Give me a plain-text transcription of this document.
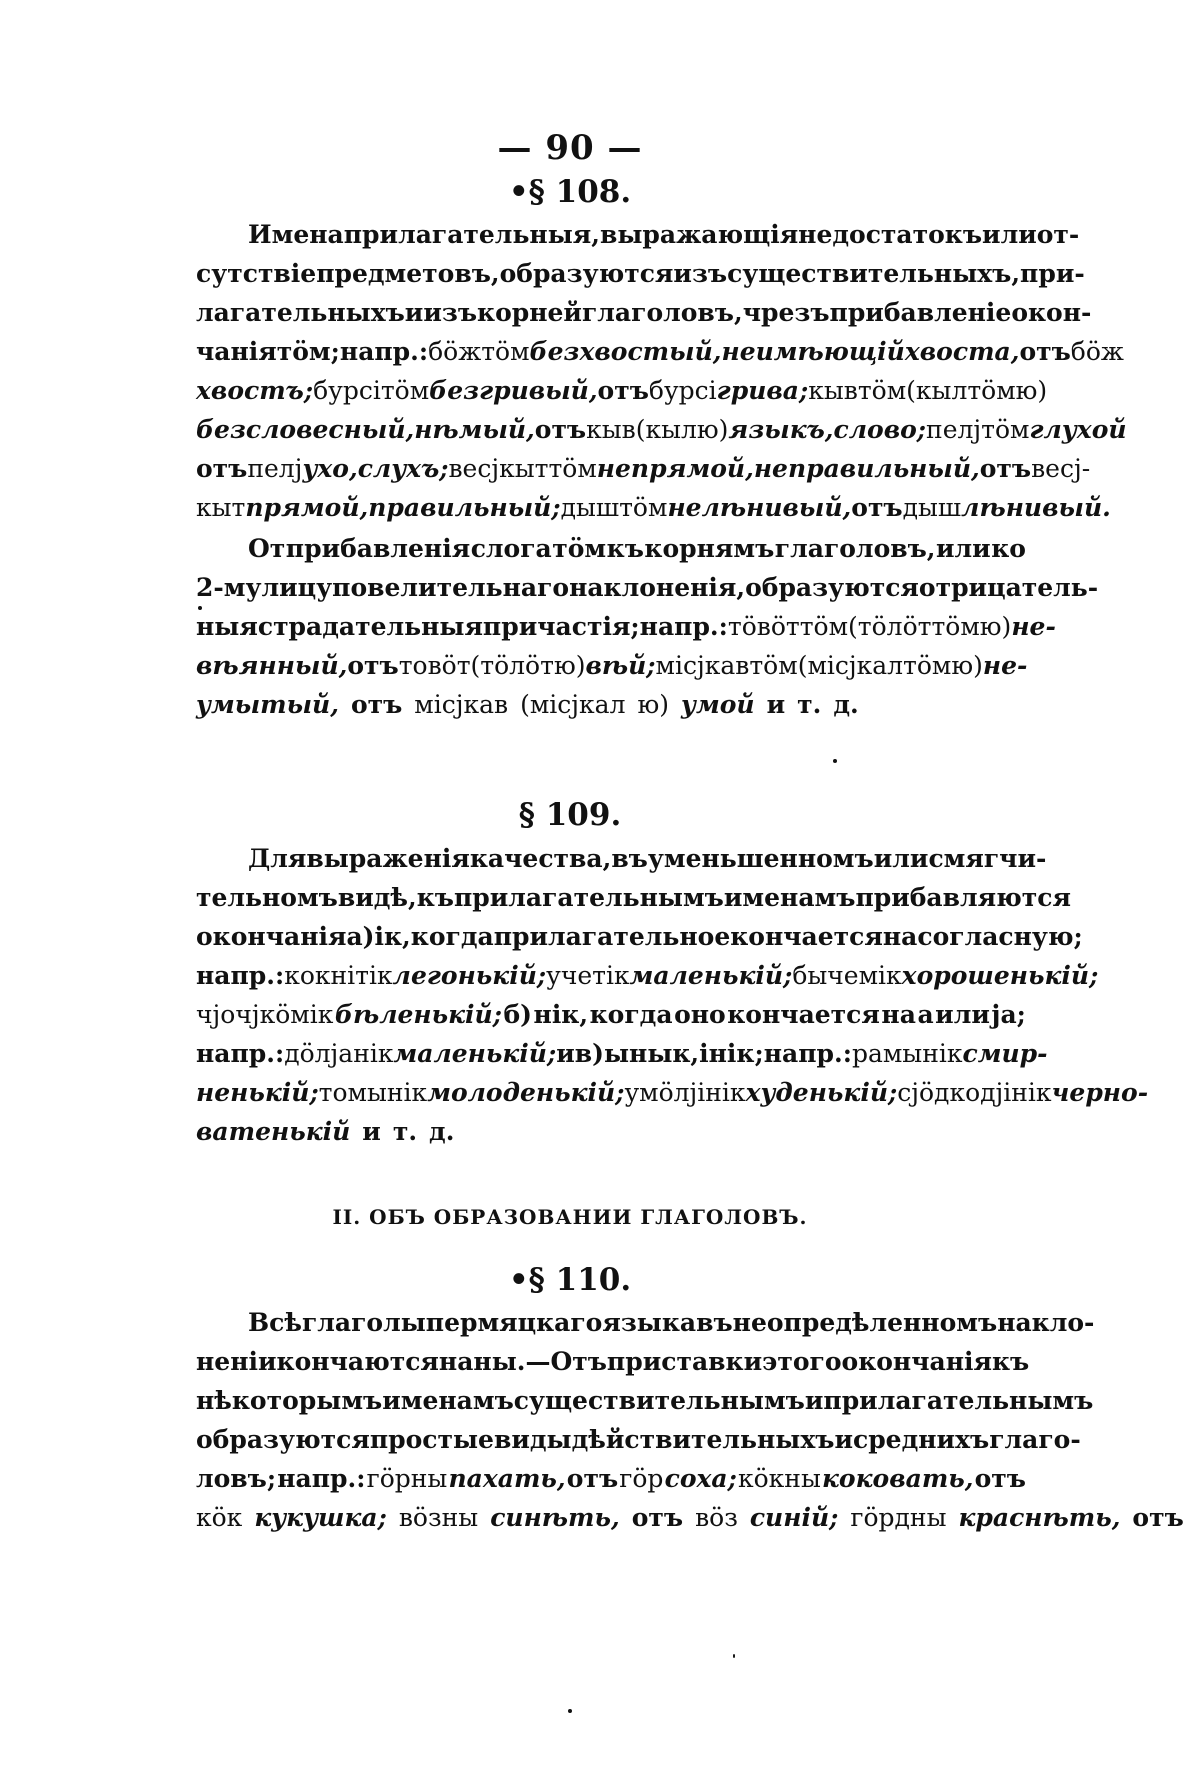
— 90 —
•§ 108.
Имена прилагательныя, выражающія недостатокъ или от-
сутствіе предметовъ, образуются изъ существительныхъ, при-
лагательныхъ и изъ корней глаголовъ, чрезъ прибавленіе окон-
чанія тöм; напр.: бöжтöм безхвостый, неимѣющій хвоста, отъ бöж
хвостъ; бурсітöм безгривый, отъ бурсі грива; кывтöм (кылтöм ю)
безсловесный, нѣмый, отъ кыв (кыл ю) языкъ, слово; пелјтöм глухой
отъ пелј ухо, слухъ; весјкыттöм непрямой, неправильный, отъ весј-
кыт прямой, правильный; дыштöм нелѣнивый, отъ дыш лѣнивый.
От прибавленія слога тöм къ корнямъ глаголовъ, или ко
2-му лицу повелительнаго наклоненія, образуются отрицатель-
ныя страдательныя причастія; напр.: тöвöттöм (тöлöттöм ю) не-
вѣянный, отъ товöт (тöлöт ю) вѣй; місјкавтöм (місјкалтöм ю) не-
умытый, отъ місјкав (місјкал ю) умой и т. д.
§ 109.
Для выраженія качества, въ уменьшенномъ или смягчи-
тельномъ видѣ, къ прилагательнымъ именамъ прибавляются
окончанія а) ік, когда прилагательное кончается на согласную;
напр.: кокнітік легонькій; учетік маленькій; бычемік хорошенькій;
чјочјкöмік бѣленькій; б) нік, когда оно кончается на а или ја;
напр.: дöлјанік маленькій; и в) ынык, інік; напр.: рамынік смир-
ненькій; томынік молоденькій; умöлјінік худенькій; сјöдкодјінік черно-
ватенькій и т. д.
II. ОБЪ ОБРАЗОВАНИИ ГЛАГОЛОВЪ.
•§ 110.
Всѣ глаголы пермяцкаго языка въ неопредѣленномъ накло-
неніи кончаются на ны. — Отъ приставки этого окончанія къ
нѣкоторымъ именамъ существительнымъ и прилагательнымъ
образуются простые виды дѣйствительныхъ и среднихъ глаго-
ловъ; напр.: гöрны пахать, отъ гöр соха; кöкны коковать, отъ
кöк кукушка; вöзны синѣть, отъ вöз синій; гöрдны краснѣть, отъ
